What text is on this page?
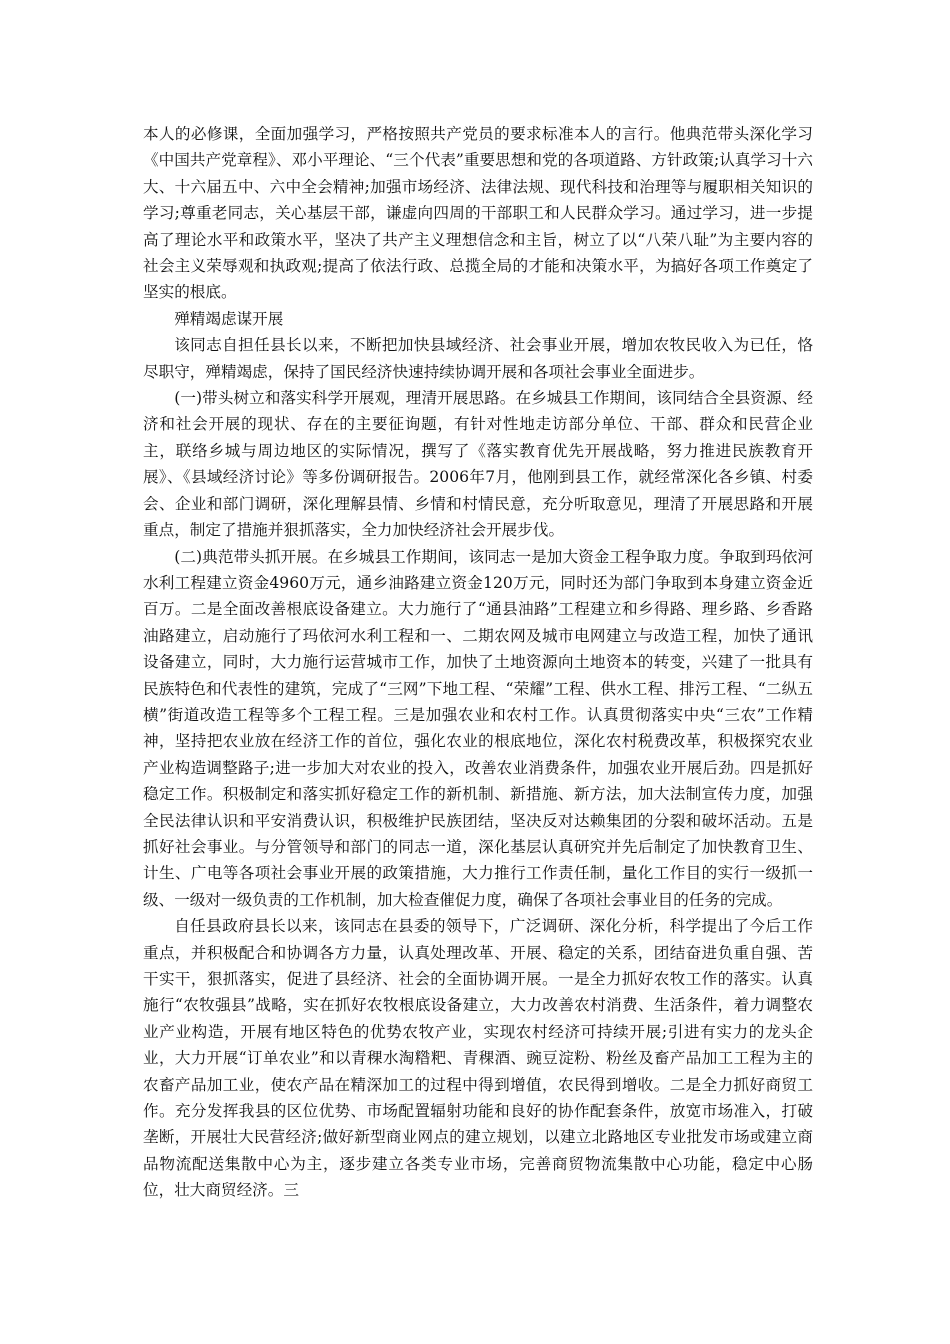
本人的必修课，全面加强学习，严格按照共产党员的要求标准本人的言行。他典范带头深化学习《中国共产党章程》、邓小平理论、“三个代表”重要思想和党的各项道路、方针政策;认真学习十六大、十六届五中、六中全会精神;加强市场经济、法律法规、现代科技和治理等与履职相关知识的学习;尊重老同志，关心基层干部，谦虚向四周的干部职工和人民群众学习。通过学习，进一步提高了理论水平和政策水平，坚决了共产主义理想信念和主旨，树立了以“八荣八耻”为主要内容的社会主义荣辱观和执政观;提高了依法行政、总揽全局的才能和决策水平，为搞好各项工作奠定了坚实的根底。

殚精竭虑谋开展

该同志自担任县长以来，不断把加快县域经济、社会事业开展，增加农牧民收入为已任，恪尽职守，殚精竭虑，保持了国民经济快速持续协调开展和各项社会事业全面进步。

(一)带头树立和落实科学开展观，理清开展思路。在乡城县工作期间，该同结合全县资源、经济和社会开展的现状、存在的主要征询题，有针对性地走访部分单位、干部、群众和民营企业主，联络乡城与周边地区的实际情况，撰写了《落实教育优先开展战略，努力推进民族教育开展》、《县域经济讨论》等多份调研报告。2006年7月，他刚到县工作，就经常深化各乡镇、村委会、企业和部门调研，深化理解县情、乡情和村情民意，充分听取意见，理清了开展思路和开展重点，制定了措施并狠抓落实，全力加快经济社会开展步伐。

(二)典范带头抓开展。在乡城县工作期间，该同志一是加大资金工程争取力度。争取到玛依河水利工程建立资金4960万元，通乡油路建立资金120万元，同时还为部门争取到本身建立资金近百万。二是全面改善根底设备建立。大力施行了“通县油路”工程建立和乡得路、理乡路、乡香路油路建立，启动施行了玛依河水利工程和一、二期农网及城市电网建立与改造工程，加快了通讯设备建立，同时，大力施行运营城市工作，加快了土地资源向土地资本的转变，兴建了一批具有民族特色和代表性的建筑，完成了“三网”下地工程、“荣耀”工程、供水工程、排污工程、“二纵五横”街道改造工程等多个工程工程。三是加强农业和农村工作。认真贯彻落实中央“三农”工作精神，坚持把农业放在经济工作的首位，强化农业的根底地位，深化农村税费改革，积极探究农业产业构造调整路子;进一步加大对农业的投入，改善农业消费条件，加强农业开展后劲。四是抓好稳定工作。积极制定和落实抓好稳定工作的新机制、新措施、新方法，加大法制宣传力度，加强全民法律认识和平安消费认识，积极维护民族团结，坚决反对达赖集团的分裂和破坏活动。五是抓好社会事业。与分管领导和部门的同志一道，深化基层认真研究并先后制定了加快教育卫生、计生、广电等各项社会事业开展的政策措施，大力推行工作责任制，量化工作目的实行一级抓一级、一级对一级负责的工作机制，加大检查催促力度，确保了各项社会事业目的任务的完成。

自任县政府县长以来，该同志在县委的领导下，广泛调研、深化分析，科学提出了今后工作重点，并积极配合和协调各方力量，认真处理改革、开展、稳定的关系，团结奋进负重自强、苦干实干，狠抓落实，促进了县经济、社会的全面协调开展。一是全力抓好农牧工作的落实。认真施行“农牧强县”战略，实在抓好农牧根底设备建立，大力改善农村消费、生活条件，着力调整农业产业构造，开展有地区特色的优势农牧产业，实现农村经济可持续开展;引进有实力的龙头企业，大力开展“订单农业”和以青稞水淘糌粑、青稞酒、豌豆淀粉、粉丝及畜产品加工工程为主的农畜产品加工业，使农产品在精深加工的过程中得到增值，农民得到增收。二是全力抓好商贸工作。充分发挥我县的区位优势、市场配置辐射功能和良好的协作配套条件，放宽市场准入，打破垄断，开展壮大民营经济;做好新型商业网点的建立规划，以建立北路地区专业批发市场或建立商品物流配送集散中心为主，逐步建立各类专业市场，完善商贸物流集散中心功能，稳定中心肠位，壮大商贸经济。三
